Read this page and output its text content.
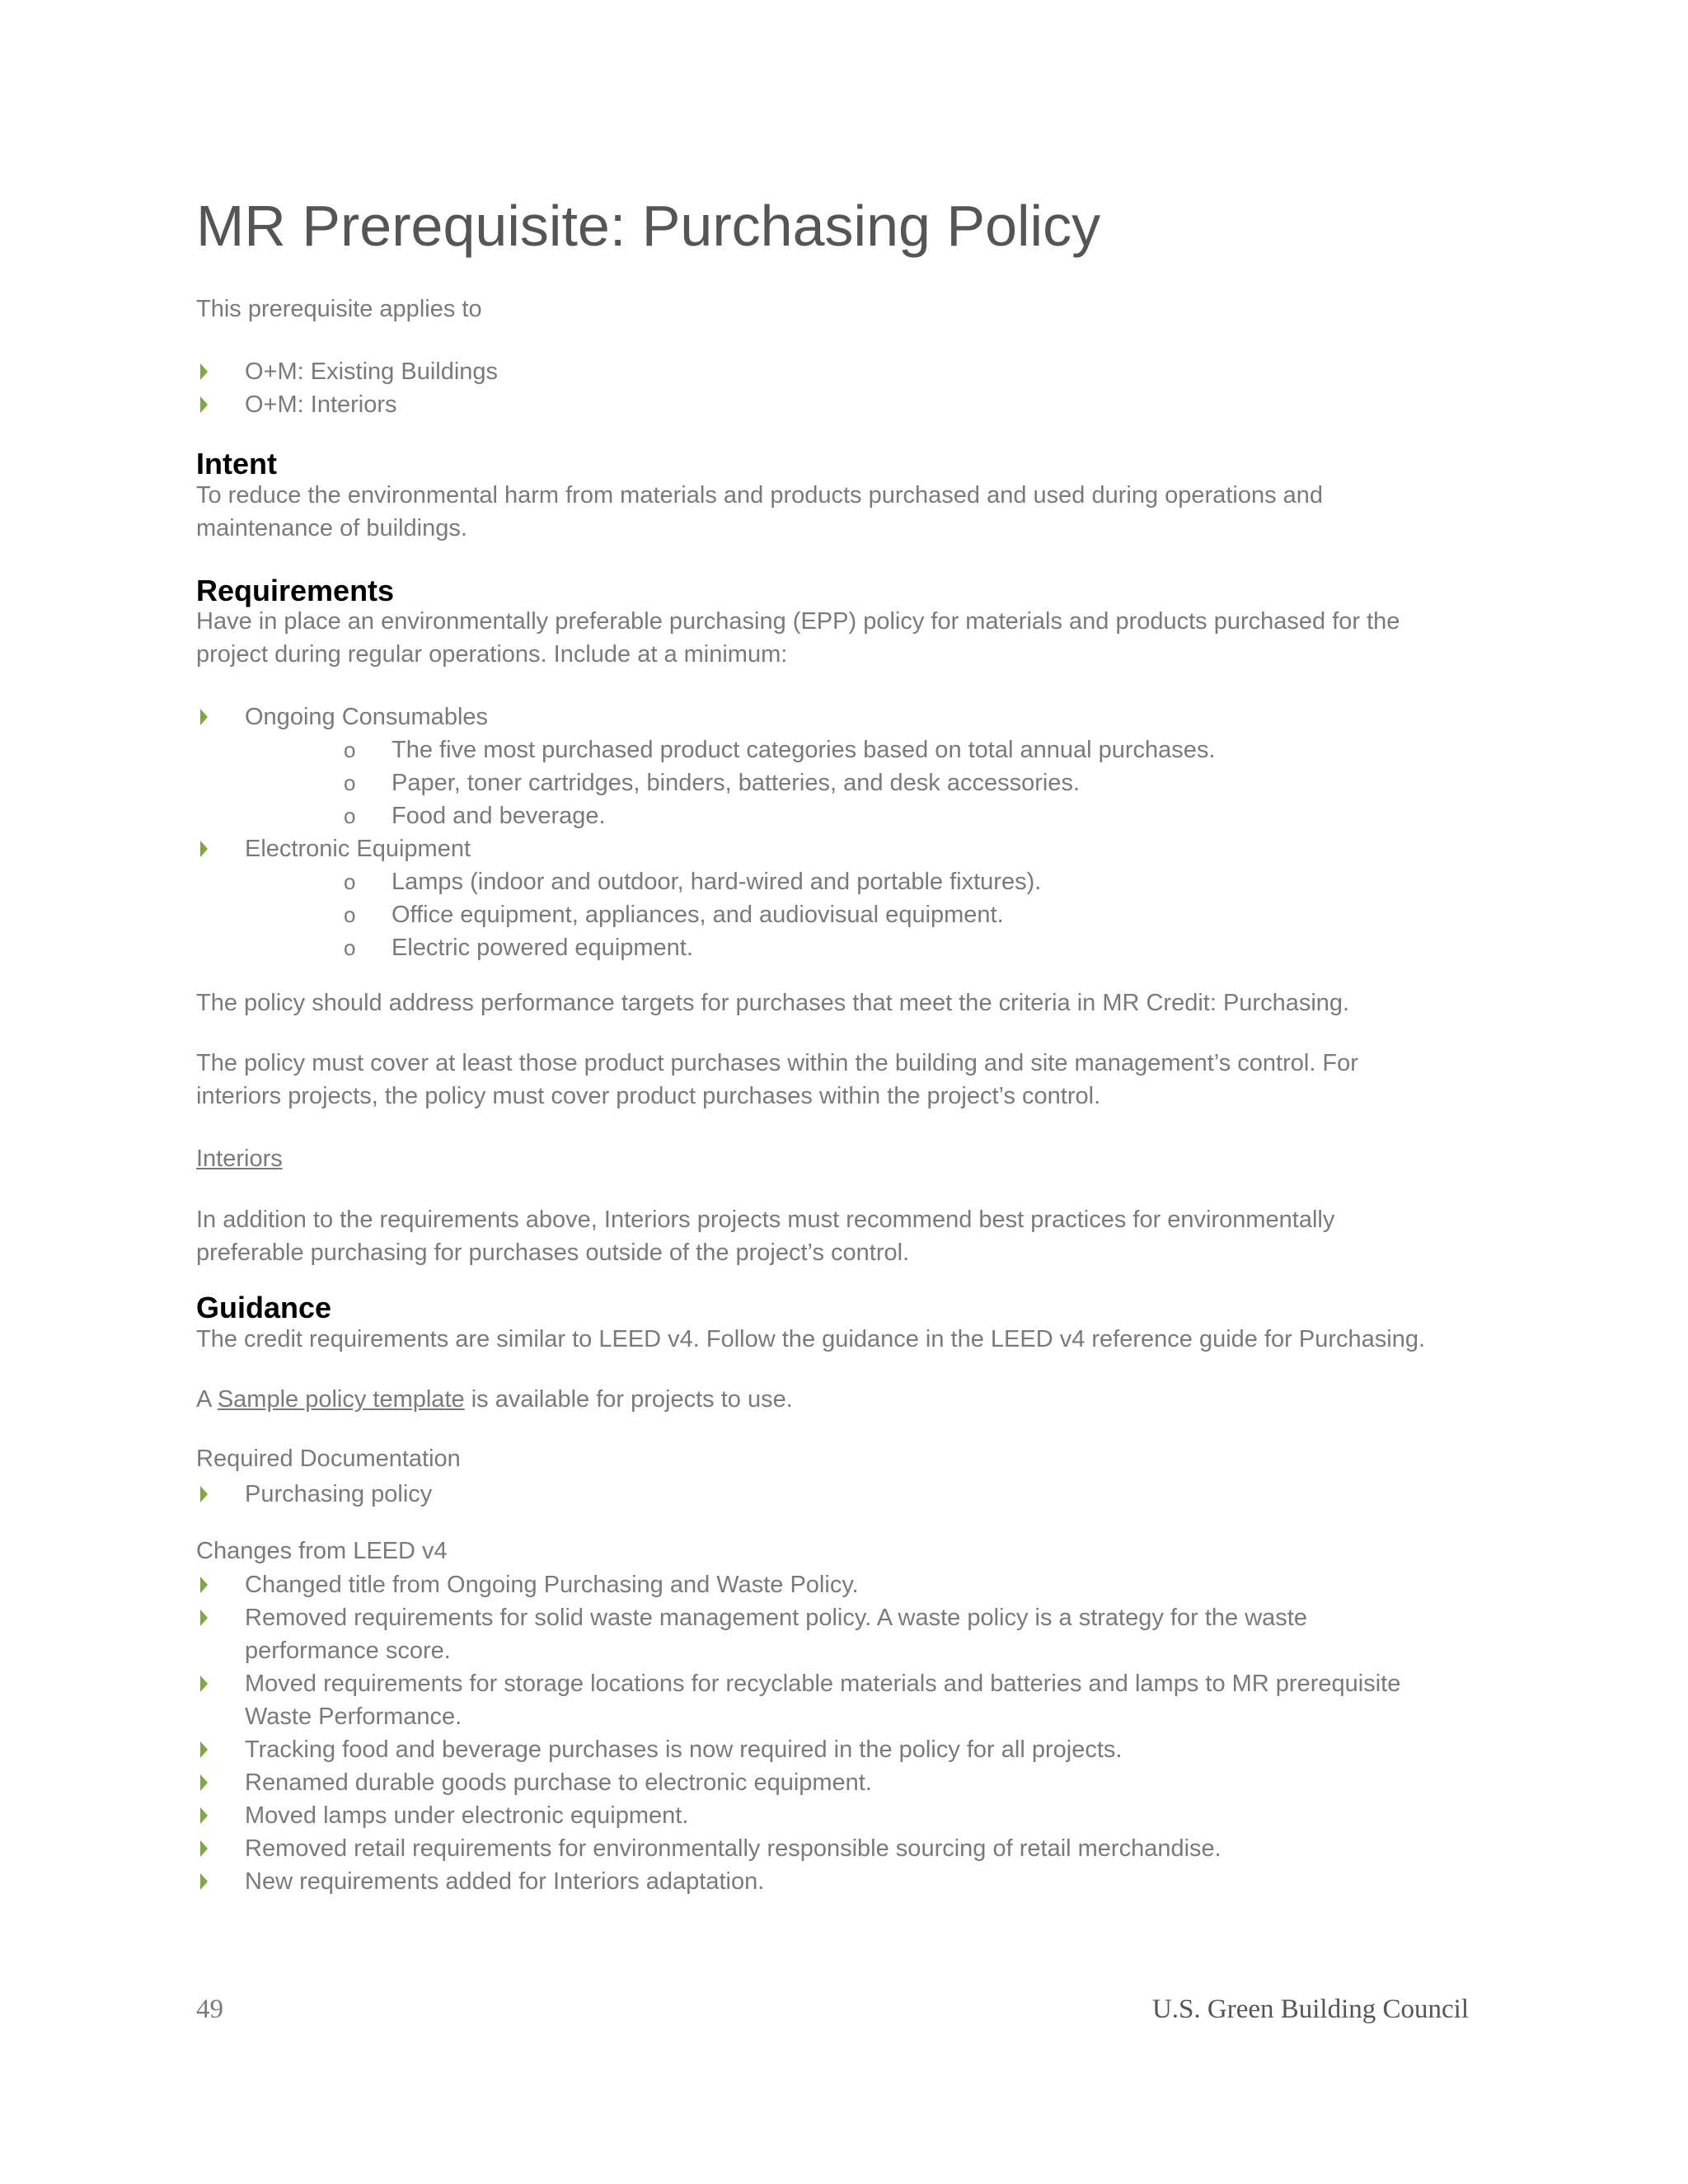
MR Prerequisite: Purchasing Policy

This prerequisite applies to

O+M: Existing Buildings
O+M: Interiors
Intent

To reduce the environmental harm from materials and products purchased and used during operations and maintenance of buildings.

Requirements

Have in place an environmentally preferable purchasing (EPP) policy for materials and products purchased for the project during regular operations. Include at a minimum:

Ongoing Consumables
o The five most purchased product categories based on total annual purchases.
o Paper, toner cartridges, binders, batteries, and desk accessories.
o Food and beverage.
Electronic Equipment
o Lamps (indoor and outdoor, hard-wired and portable fixtures).
o Office equipment, appliances, and audiovisual equipment.
o Electric powered equipment.

The policy should address performance targets for purchases that meet the criteria in MR Credit: Purchasing.

The policy must cover at least those product purchases within the building and site management’s control. For interiors projects, the policy must cover product purchases within the project’s control.

Interiors

In addition to the requirements above, Interiors projects must recommend best practices for environmentally preferable purchasing for purchases outside of the project’s control.

Guidance

The credit requirements are similar to LEED v4. Follow the guidance in the LEED v4 reference guide for Purchasing.

A Sample policy template is available for projects to use.

Required Documentation

Purchasing policy

Changes from LEED v4

Changed title from Ongoing Purchasing and Waste Policy.
Removed requirements for solid waste management policy. A waste policy is a strategy for the waste performance score.
Moved requirements for storage locations for recyclable materials and batteries and lamps to MR prerequisite Waste Performance.
Tracking food and beverage purchases is now required in the policy for all projects.
Renamed durable goods purchase to electronic equipment.
Moved lamps under electronic equipment.
Removed retail requirements for environmentally responsible sourcing of retail merchandise.
New requirements added for Interiors adaptation.
49	U.S. Green Building Council
